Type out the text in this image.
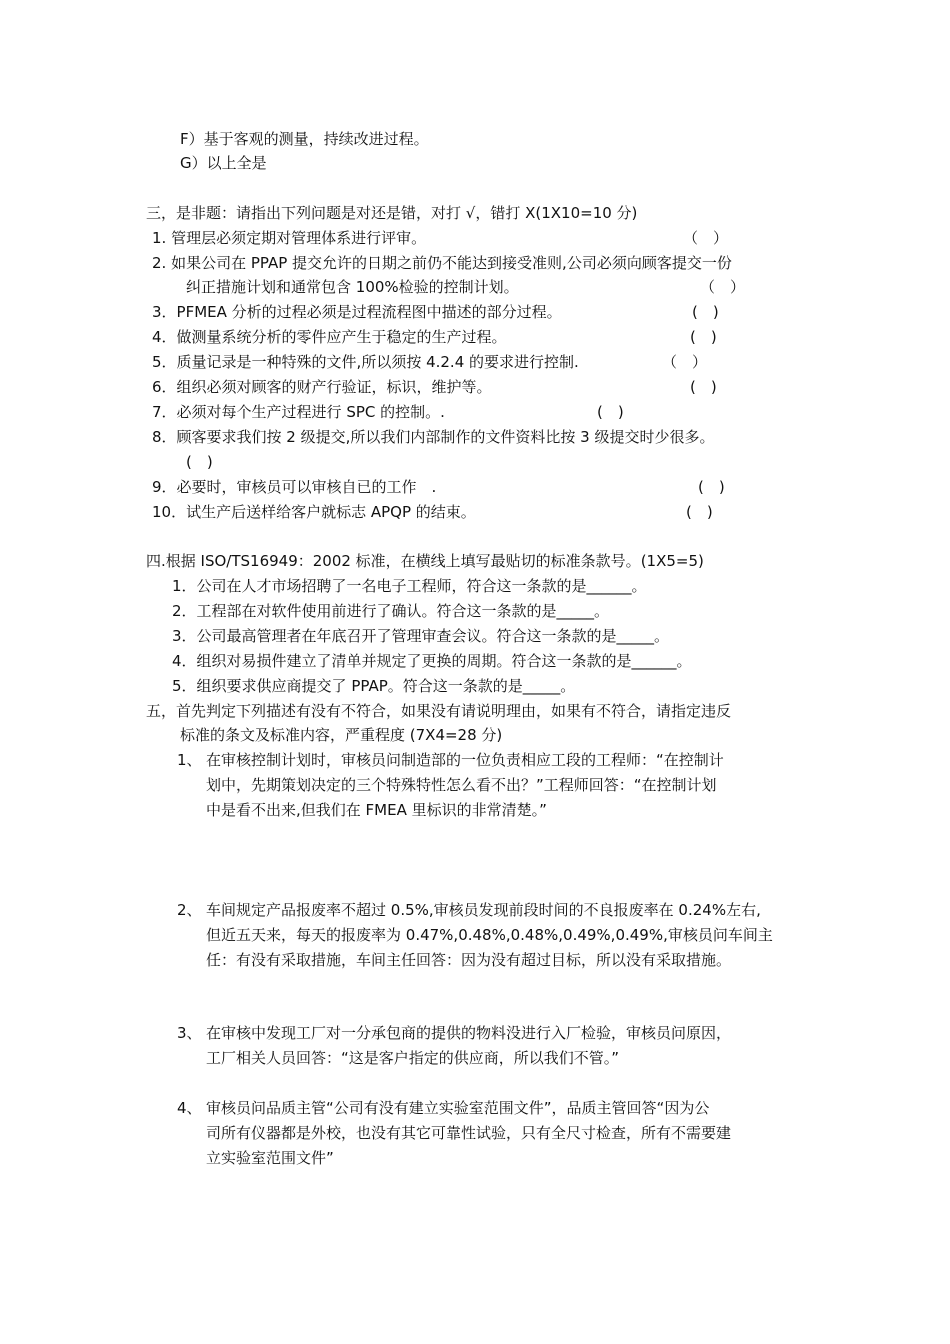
F）基于客观的测量，持续改进过程。
G）以上全是
三，是非题：请指出下列问题是对还是错，对打 √，错打 X(1X10=10 分)
1. 管理层必须定期对管理体系进行评审。	（　）
2. 如果公司在 PPAP 提交允许的日期之前仍不能达到接受准则,公司必须向顾客提交一份
纠正措施计划和通常包含 100%检验的控制计划。	（　）
3．PFMEA 分析的过程必须是过程流程图中描述的部分过程。	(　)
4．做测量系统分析的零件应产生于稳定的生产过程。	(　)
5．质量记录是一种特殊的文件,所以须按 4.2.4 的要求进行控制.	（　）
6．组织必须对顾客的财产行验证，标识，维护等。	(　)
7．必须对每个生产过程进行 SPC 的控制。.	(　)
8．顾客要求我们按 2 级提交,所以我们内部制作的文件资料比按 3 级提交时少很多。
(　)
9．必要时，审核员可以审核自已的工作　.	(　)
10．试生产后送样给客户就标志 APQP 的结束。	(　)
四.根据 ISO/TS16949：2002 标准，在横线上填写最贴切的标准条款号。(1X5=5)
1．公司在人才市场招聘了一名电子工程师，符合这一条款的是______。
2．工程部在对软件使用前进行了确认。符合这一条款的是_____。
3．公司最高管理者在年底召开了管理审查会议。符合这一条款的是_____。
4．组织对易损件建立了清单并规定了更换的周期。符合这一条款的是______。
5．组织要求供应商提交了 PPAP。符合这一条款的是_____。
五，首先判定下列描述有没有不符合，如果没有请说明理由，如果有不符合，请指定违反
标准的条文及标准内容，严重程度 (7X4=28 分)
1、 在审核控制计划时，审核员问制造部的一位负责相应工段的工程师：“在控制计
划中，先期策划决定的三个特殊特性怎么看不出？”工程师回答：“在控制计划
中是看不出来,但我们在 FMEA 里标识的非常清楚。”
2、 车间规定产品报废率不超过 0.5%,审核员发现前段时间的不良报废率在 0.24%左右,
但近五天来，每天的报废率为 0.47%,0.48%,0.48%,0.49%,0.49%,审核员问车间主
任：有没有采取措施，车间主任回答：因为没有超过目标，所以没有采取措施。
3、 在审核中发现工厂对一分承包商的提供的物料没进行入厂检验，审核员问原因，
工厂相关人员回答：“这是客户指定的供应商，所以我们不管。”
4、 审核员问品质主管“公司有没有建立实验室范围文件”，品质主管回答“因为公
司所有仪器都是外校，也没有其它可靠性试验，只有全尺寸检查，所有不需要建
立实验室范围文件”
